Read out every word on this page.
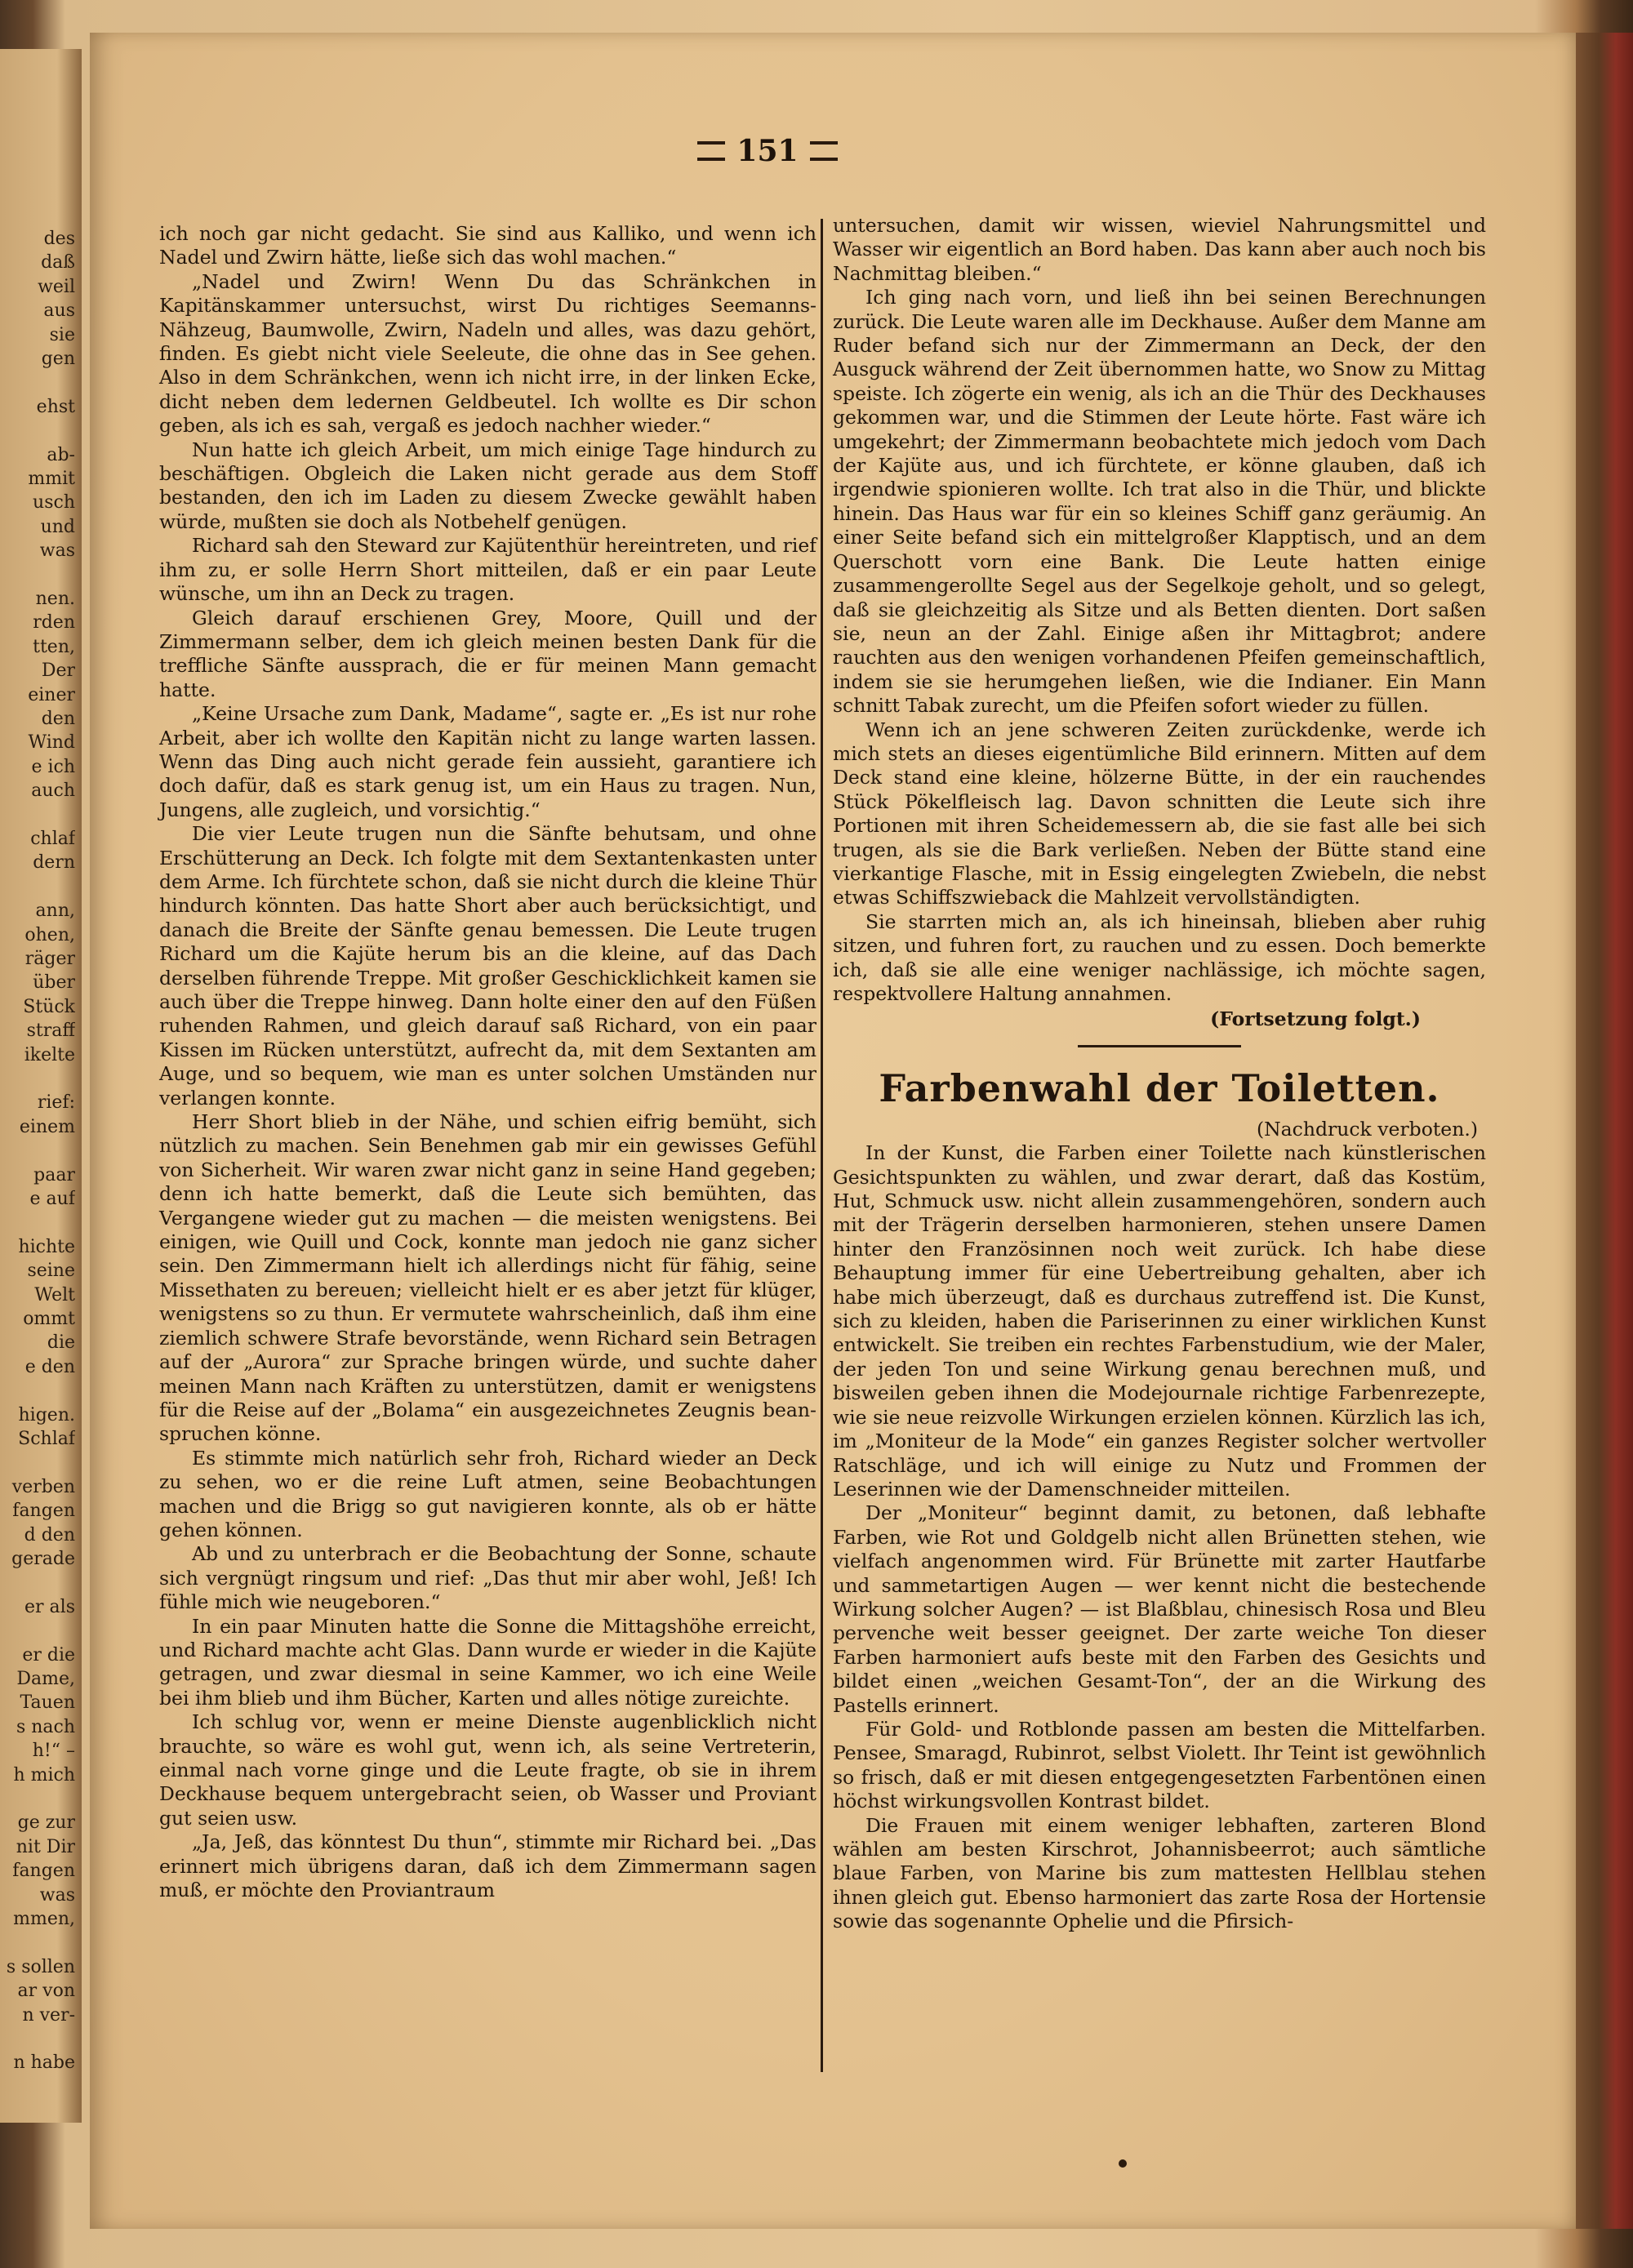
des
daß
weil
aus
sie
gen
ehst
ab-
mmit
usch
und
was
nen.
rden
tten,
Der
einer
den
Wind
e ich
auch
chlaf
dern
ann,
ohen,
räger
über
Stück
straff
ikelte
rief:
einem
paar
e auf
hichte
seine
Welt
ommt
die
e den
higen.
Schlaf
verben
fangen
d den
gerade
er als
er die
Dame,
Tauen
s nach
h!“ –
h mich
ge zur
nit Dir
fangen
was
mmen,
s sollen
ar von
n ver-
n habe
151

ich noch gar nicht gedacht. Sie sind aus Kalliko, und wenn ich Nadel und Zwirn hätte, ließe sich das wohl machen.“

„Nadel und Zwirn! Wenn Du das Schränkchen in Kapitänskammer untersuchst, wirst Du richtiges Seemanns-Nähzeug, Baumwolle, Zwirn, Nadeln und alles, was dazu gehört, finden. Es giebt nicht viele Seeleute, die ohne das in See gehen. Also in dem Schränkchen, wenn ich nicht irre, in der linken Ecke, dicht neben dem ledernen Geldbeutel. Ich wollte es Dir schon geben, als ich es sah, vergaß es jedoch nachher wieder.“

Nun hatte ich gleich Arbeit, um mich einige Tage hindurch zu beschäftigen. Obgleich die Laken nicht gerade aus dem Stoff bestanden, den ich im Laden zu diesem Zwecke gewählt haben würde, mußten sie doch als Notbehelf genügen.

Richard sah den Steward zur Kajütenthür hereintreten, und rief ihm zu, er solle Herrn Short mitteilen, daß er ein paar Leute wünsche, um ihn an Deck zu tragen.

Gleich darauf erschienen Grey, Moore, Quill und der Zimmermann selber, dem ich gleich meinen besten Dank für die treffliche Sänfte aussprach, die er für meinen Mann gemacht hatte.

„Keine Ursache zum Dank, Madame“, sagte er. „Es ist nur rohe Arbeit, aber ich wollte den Kapitän nicht zu lange warten lassen. Wenn das Ding auch nicht gerade fein aussieht, garantiere ich doch dafür, daß es stark genug ist, um ein Haus zu tragen. Nun, Jungens, alle zugleich, und vorsichtig.“

Die vier Leute trugen nun die Sänfte behutsam, und ohne Erschütterung an Deck. Ich folgte mit dem Sextantenkasten unter dem Arme. Ich fürchtete schon, daß sie nicht durch die kleine Thür hindurch könnten. Das hatte Short aber auch berücksichtigt, und danach die Breite der Sänfte genau bemessen. Die Leute trugen Richard um die Kajüte herum bis an die kleine, auf das Dach derselben führende Treppe. Mit großer Geschicklichkeit kamen sie auch über die Treppe hinweg. Dann holte einer den auf den Füßen ruhenden Rahmen, und gleich darauf saß Richard, von ein paar Kissen im Rücken unterstützt, aufrecht da, mit dem Sextanten am Auge, und so bequem, wie man es unter solchen Umständen nur verlangen konnte.

Herr Short blieb in der Nähe, und schien eifrig bemüht, sich nützlich zu machen. Sein Benehmen gab mir ein gewisses Gefühl von Sicherheit. Wir waren zwar nicht ganz in seine Hand gegeben; denn ich hatte bemerkt, daß die Leute sich bemühten, das Vergangene wieder gut zu machen — die meisten wenigstens. Bei einigen, wie Quill und Cock, konnte man jedoch nie ganz sicher sein. Den Zimmermann hielt ich allerdings nicht für fähig, seine Missethaten zu bereuen; vielleicht hielt er es aber jetzt für klüger, wenigstens so zu thun. Er vermutete wahrscheinlich, daß ihm eine ziemlich schwere Strafe bevorstände, wenn Richard sein Betragen auf der „Aurora“ zur Sprache bringen würde, und suchte daher meinen Mann nach Kräften zu unterstützen, damit er wenigstens für die Reise auf der „Bolama“ ein ausgezeichnetes Zeugnis bean-spruchen könne.

Es stimmte mich natürlich sehr froh, Richard wieder an Deck zu sehen, wo er die reine Luft atmen, seine Beobachtungen machen und die Brigg so gut navigieren konnte, als ob er hätte gehen können.

Ab und zu unterbrach er die Beobachtung der Sonne, schaute sich vergnügt ringsum und rief: „Das thut mir aber wohl, Jeß! Ich fühle mich wie neugeboren.“

In ein paar Minuten hatte die Sonne die Mittagshöhe erreicht, und Richard machte acht Glas. Dann wurde er wieder in die Kajüte getragen, und zwar diesmal in seine Kammer, wo ich eine Weile bei ihm blieb und ihm Bücher, Karten und alles nötige zureichte.

Ich schlug vor, wenn er meine Dienste augenblicklich nicht brauchte, so wäre es wohl gut, wenn ich, als seine Vertreterin, einmal nach vorne ginge und die Leute fragte, ob sie in ihrem Deckhause bequem untergebracht seien, ob Wasser und Proviant gut seien usw.

„Ja, Jeß, das könntest Du thun“, stimmte mir Richard bei. „Das erinnert mich übrigens daran, daß ich dem Zimmermann sagen muß, er möchte den Proviantraum

untersuchen, damit wir wissen, wieviel Nahrungsmittel und Wasser wir eigentlich an Bord haben. Das kann aber auch noch bis Nachmittag bleiben.“

Ich ging nach vorn, und ließ ihn bei seinen Berechnungen zurück. Die Leute waren alle im Deckhause. Außer dem Manne am Ruder befand sich nur der Zimmermann an Deck, der den Ausguck während der Zeit übernommen hatte, wo Snow zu Mittag speiste. Ich zögerte ein wenig, als ich an die Thür des Deckhauses gekommen war, und die Stimmen der Leute hörte. Fast wäre ich umgekehrt; der Zimmermann beobachtete mich jedoch vom Dach der Kajüte aus, und ich fürchtete, er könne glauben, daß ich irgendwie spionieren wollte. Ich trat also in die Thür, und blickte hinein. Das Haus war für ein so kleines Schiff ganz geräumig. An einer Seite befand sich ein mittelgroßer Klapptisch, und an dem Querschott vorn eine Bank. Die Leute hatten einige zusammengerollte Segel aus der Segelkoje geholt, und so gelegt, daß sie gleichzeitig als Sitze und als Betten dienten. Dort saßen sie, neun an der Zahl. Einige aßen ihr Mittagbrot; andere rauchten aus den wenigen vorhandenen Pfeifen gemeinschaftlich, indem sie sie herumgehen ließen, wie die Indianer. Ein Mann schnitt Tabak zurecht, um die Pfeifen sofort wieder zu füllen.

Wenn ich an jene schweren Zeiten zurückdenke, werde ich mich stets an dieses eigentümliche Bild erinnern. Mitten auf dem Deck stand eine kleine, hölzerne Bütte, in der ein rauchendes Stück Pökelfleisch lag. Davon schnitten die Leute sich ihre Portionen mit ihren Scheidemessern ab, die sie fast alle bei sich trugen, als sie die Bark verließen. Neben der Bütte stand eine vierkantige Flasche, mit in Essig eingelegten Zwiebeln, die nebst etwas Schiffszwieback die Mahlzeit vervollständigten.

Sie starrten mich an, als ich hineinsah, blieben aber ruhig sitzen, und fuhren fort, zu rauchen und zu essen. Doch bemerkte ich, daß sie alle eine weniger nachlässige, ich möchte sagen, respektvollere Haltung annahmen.

(Fortsetzung folgt.)
Farbenwahl der Toiletten.
(Nachdruck verboten.)

In der Kunst, die Farben einer Toilette nach künstlerischen Gesichtspunkten zu wählen, und zwar derart, daß das Kostüm, Hut, Schmuck usw. nicht allein zusammengehören, sondern auch mit der Trägerin derselben harmonieren, stehen unsere Damen hinter den Französinnen noch weit zurück. Ich habe diese Behauptung immer für eine Uebertreibung gehalten, aber ich habe mich überzeugt, daß es durchaus zutreffend ist. Die Kunst, sich zu kleiden, haben die Pariserinnen zu einer wirklichen Kunst entwickelt. Sie treiben ein rechtes Farbenstudium, wie der Maler, der jeden Ton und seine Wirkung genau berechnen muß, und bisweilen geben ihnen die Modejournale richtige Farbenrezepte, wie sie neue reizvolle Wirkungen erzielen können. Kürzlich las ich, im „Moniteur de la Mode“ ein ganzes Register solcher wertvoller Ratschläge, und ich will einige zu Nutz und Frommen der Leserinnen wie der Damenschneider mitteilen.

Der „Moniteur“ beginnt damit, zu betonen, daß lebhafte Farben, wie Rot und Goldgelb nicht allen Brünetten stehen, wie vielfach angenommen wird. Für Brünette mit zarter Hautfarbe und sammetartigen Augen — wer kennt nicht die bestechende Wirkung solcher Augen? — ist Blaßblau, chinesisch Rosa und Bleu pervenche weit besser geeignet. Der zarte weiche Ton dieser Farben harmoniert aufs beste mit den Farben des Gesichts und bildet einen „weichen Gesamt-Ton“, der an die Wirkung des Pastells erinnert.

Für Gold- und Rotblonde passen am besten die Mittelfarben. Pensee, Smaragd, Rubinrot, selbst Violett. Ihr Teint ist gewöhnlich so frisch, daß er mit diesen entgegengesetzten Farbentönen einen höchst wirkungsvollen Kontrast bildet.

Die Frauen mit einem weniger lebhaften, zarteren Blond wählen am besten Kirschrot, Johannisbeerrot; auch sämtliche blaue Farben, von Marine bis zum mattesten Hellblau stehen ihnen gleich gut. Ebenso harmoniert das zarte Rosa der Hortensie sowie das sogenannte Ophelie und die Pfirsich-
